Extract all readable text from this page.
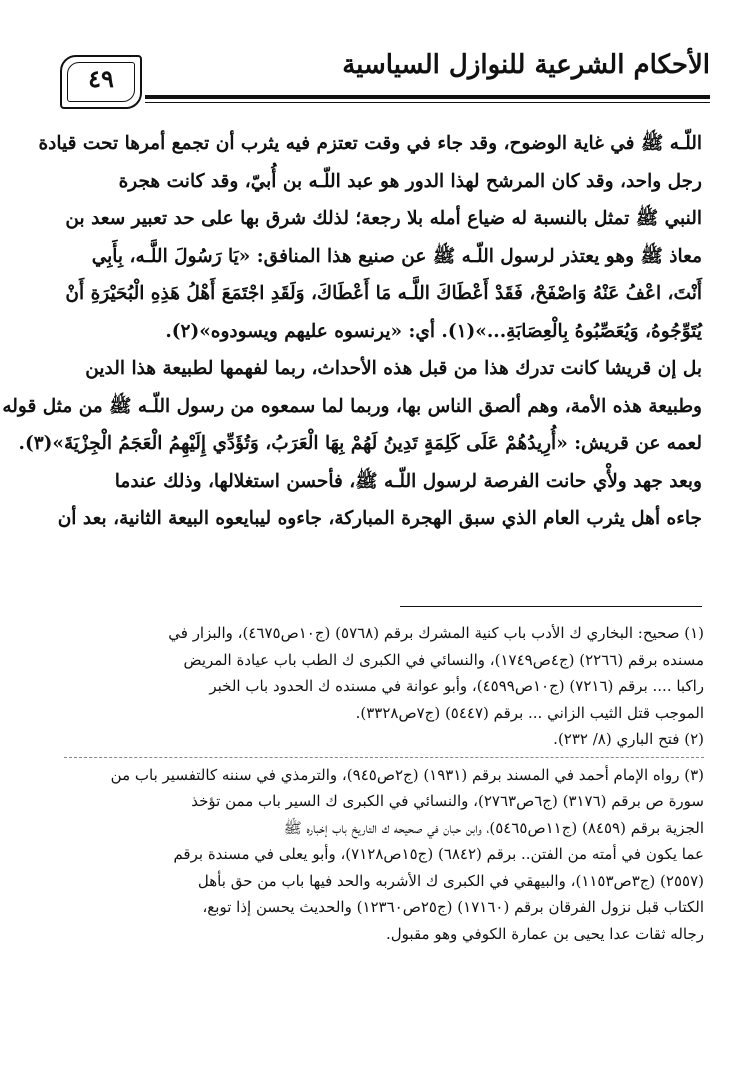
٤٩	الأحكام الشرعية للنوازل السياسية
اللّـه ﷺ في غاية الوضوح، وقد جاء في وقت تعتزم فيه يثرب أن تجمع أمرها تحت قيادة
رجل واحد، وقد كان المرشح لهذا الدور هو عبد اللّـه بن أُبيّ، وقد كانت هجرة
النبي ﷺ تمثل بالنسبة له ضياع أمله بلا رجعة؛ لذلك شرق بها على حد تعبير سعد بن
معاذ ﷺ وهو يعتذر لرسول اللّـه ﷺ عن صنيع هذا المنافق: «يَا رَسُولَ اللَّـه، بِأَبِي
أَنْتَ، اعْفُ عَنْهُ وَاصْفَحْ، فَقَدْ أَعْطَاكَ اللَّـه مَا أَعْطَاكَ، وَلَقَدِ اجْتَمَعَ أَهْلُ هَذِهِ الْبُحَيْرَةِ أَنْ
يُتَوِّجُوهُ، وَيُعَصِّبُوهُ بِالْعِصَابَةِ...»(١). أي: «يرنسوه عليهم ويسودوه»(٢).
بل إن قريشا كانت تدرك هذا من قبل هذه الأحداث، ربما لفهمها لطبيعة هذا الدين
وطبيعة هذه الأمة، وهم ألصق الناس بها، وربما لما سمعوه من رسول اللّـه ﷺ من مثل قوله
لعمه عن قريش: «أُرِيدُهُمْ عَلَى كَلِمَةٍ تَدِينُ لَهُمْ بِهَا الْعَرَبُ، وَتُؤَدِّي إِلَيْهِمُ الْعَجَمُ الْجِزْيَةَ»(٣).
وبعد جهد ولأْي حانت الفرصة لرسول اللّـه ﷺ، فأحسن استغلالها، وذلك عندما
جاءه أهل يثرب العام الذي سبق الهجرة المباركة، جاءوه ليبايعوه البيعة الثانية، بعد أن
(١) صحيح: البخاري ك الأدب باب كنية المشرك برقم (٥٧٦٨) (ج١٠ص٤٦٧٥)، والبزار في
مسنده برقم (٢٢٦٦) (ج٤ص١٧٤٩)، والنسائي في الكبرى ك الطب باب عيادة المريض
راكبا .... برقم (٧٢١٦) (ج١٠ص٤٥٩٩)، وأبو عوانة في مسنده ك الحدود باب الخبر
الموجب قتل الثيب الزاني ... برقم (٥٤٤٧) (ج٧ص٣٣٢٨).
(٢) فتح الباري (٨/ ٢٣٢).
(٣) رواه الإمام أحمد في المسند برقم (١٩٣١) (ج٢ص٩٤٥)، والترمذي في سننه كالتفسير باب من
سورة ص برقم (٣١٧٦) (ج٦ص٢٧٦٣)، والنسائي في الكبرى ك السير باب ممن تؤخذ
الجزية برقم (٨٤٥٩) (ج١١ص٥٤٦٥)، وابن حبان في صحيحه ك التاريخ باب إخباره ﷺ
عما يكون في أمته من الفتن.. برقم (٦٨٤٢) (ج١٥ص٧١٢٨)، وأبو يعلى في مسندة برقم
(٢٥٥٧) (ج٣ص١١٥٣)، والبيهقي في الكبرى ك الأشربه والحد فيها باب من حق بأهل
الكتاب قبل نزول الفرقان برقم (١٧١٦٠) (ج٢٥ص١٢٣٦٠) والحديث يحسن إذا توبع،
رجاله ثقات عدا يحيى بن عمارة الكوفي وهو مقبول.
